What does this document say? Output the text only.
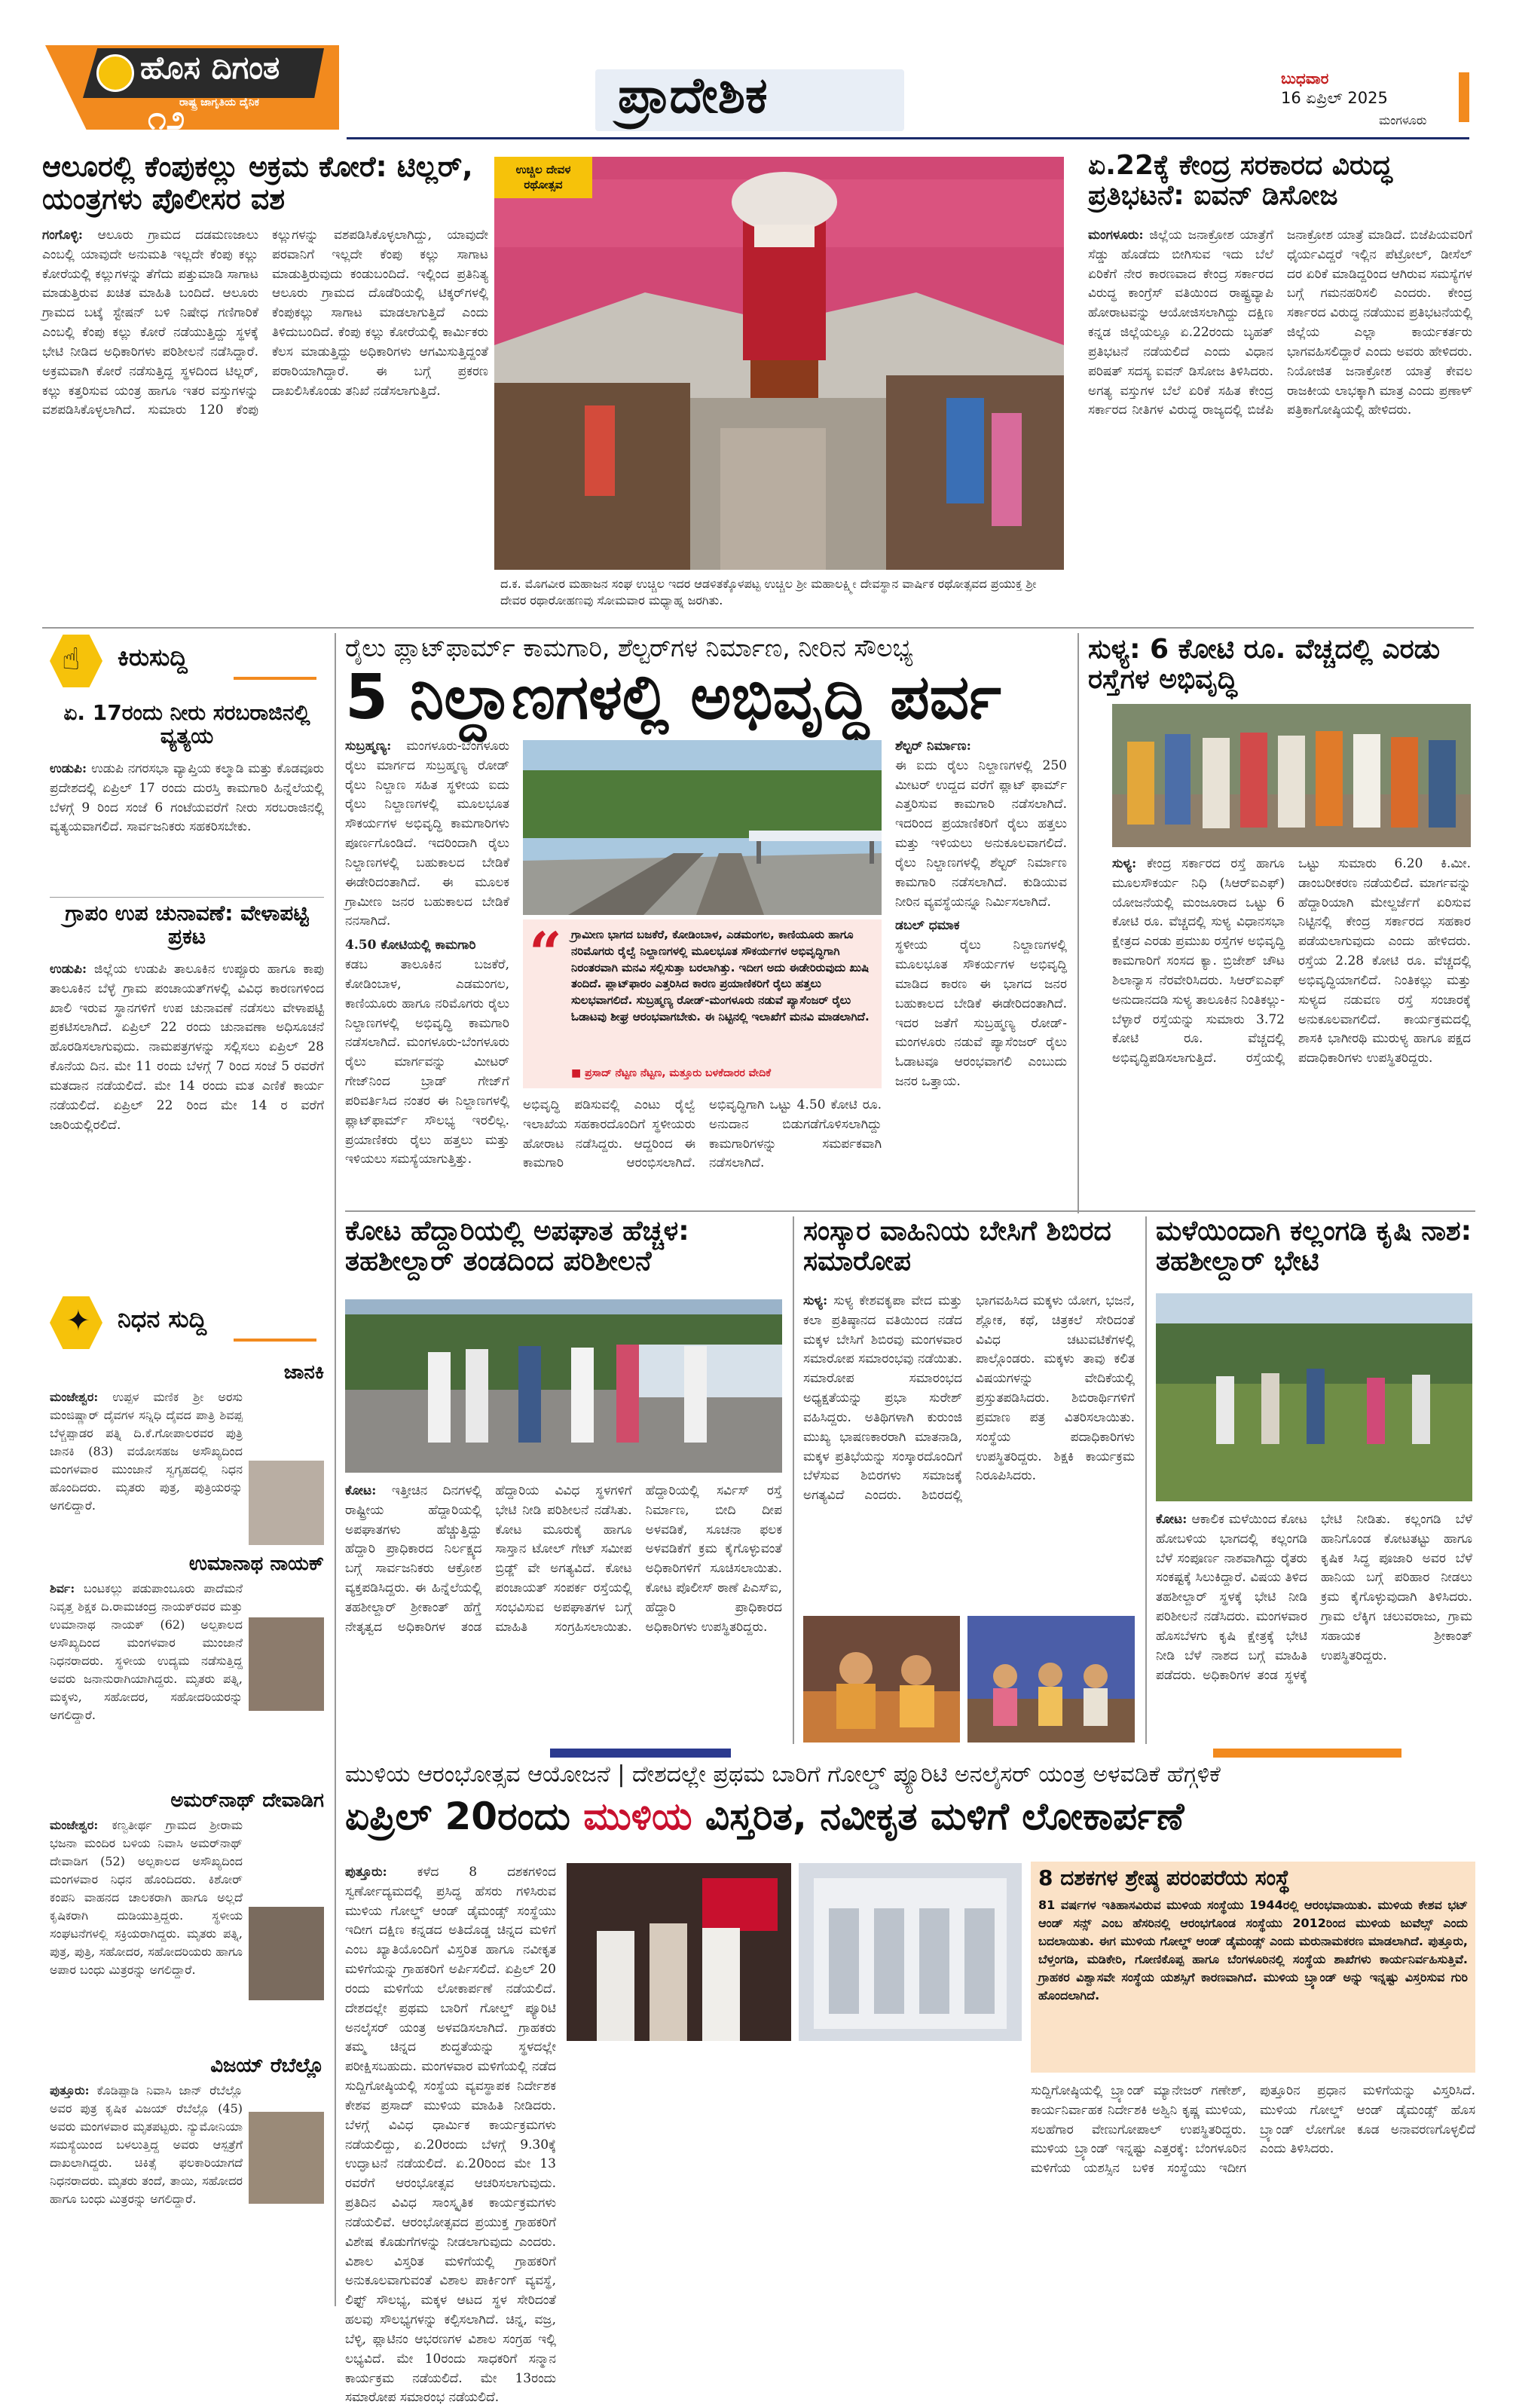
ಹೊಸ ದಿಗಂತ
ರಾಷ್ಟ್ರ ಜಾಗೃತಿಯ ದೈನಿಕ
೧೨	ಪ್ರಾದೇಶಿಕ	ಬುಧವಾರ
16 ಏಪ್ರಿಲ್ 2025
ಮಂಗಳೂರು
ಆಲೂರಲ್ಲಿ ಕೆಂಪುಕಲ್ಲು ಅಕ್ರಮ ಕೋರೆ: ಟಿಲ್ಲರ್, ಯಂತ್ರಗಳು ಪೊಲೀಸರ ವಶ
ಗಂಗೊಳ್ಳಿ: ಆಲೂರು ಗ್ರಾಮದ ದಡಮಣಜಾಲು ಎಂಬಲ್ಲಿ ಯಾವುದೇ ಅನುಮತಿ ಇಲ್ಲದೇ ಕೆಂಪು ಕಲ್ಲು ಕೋರೆಯಲ್ಲಿ ಕಲ್ಲುಗಳನ್ನು ತೆಗೆದು ಪತ್ತುಮಾಡಿ ಸಾಗಾಟ ಮಾಡುತ್ತಿರುವ ಖಚಿತ ಮಾಹಿತಿ ಬಂದಿದೆ. ಆಲೂರು ಗ್ರಾಮದ ಬಟ್ಕೆ ಸ್ಟೇಷನ್ ಬಳಿ ನಿಷೇಧ ಗಣಿಗಾರಿಕೆ ಎಂಬಲ್ಲಿ ಕೆಂಪು ಕಲ್ಲು ಕೋರೆ ನಡೆಯುತ್ತಿದ್ದು ಸ್ಥಳಕ್ಕೆ ಭೇಟಿ ನೀಡಿದ ಅಧಿಕಾರಿಗಳು ಪರಿಶೀಲನೆ ನಡೆಸಿದ್ದಾರೆ. ಅಕ್ರಮವಾಗಿ ಕೋರೆ ನಡೆಸುತ್ತಿದ್ದ ಸ್ಥಳದಿಂದ ಟಿಲ್ಲರ್, ಕಲ್ಲು ಕತ್ತರಿಸುವ ಯಂತ್ರ ಹಾಗೂ ಇತರ ವಸ್ತುಗಳನ್ನು ವಶಪಡಿಸಿಕೊಳ್ಳಲಾಗಿದೆ. ಸುಮಾರು 120 ಕೆಂಪು ಕಲ್ಲುಗಳನ್ನು ವಶಪಡಿಸಿಕೊಳ್ಳಲಾಗಿದ್ದು, ಯಾವುದೇ ಪರವಾನಿಗೆ ಇಲ್ಲದೇ ಕೆಂಪು ಕಲ್ಲು ಸಾಗಾಟ ಮಾಡುತ್ತಿರುವುದು ಕಂಡುಬಂದಿದೆ. ಇಲ್ಲಿಂದ ಪ್ರತಿನಿತ್ಯ ಆಲೂರು ಗ್ರಾಮದ ದೊಡೆರಿಯಲ್ಲಿ ಟಿಕ್ಕರ್‌ಗಳಲ್ಲಿ ಕೆಂಪುಕಲ್ಲು ಸಾಗಾಟ ಮಾಡಲಾಗುತ್ತಿದೆ ಎಂದು ತಿಳಿದುಬಂದಿದೆ. ಕೆಂಪು ಕಲ್ಲು ಕೋರೆಯಲ್ಲಿ ಕಾರ್ಮಿಕರು ಕೆಲಸ ಮಾಡುತ್ತಿದ್ದು ಅಧಿಕಾರಿಗಳು ಆಗಮಿಸುತ್ತಿದ್ದಂತೆ ಪರಾರಿಯಾಗಿದ್ದಾರೆ. ಈ ಬಗ್ಗೆ ಪ್ರಕರಣ ದಾಖಲಿಸಿಕೊಂಡು ತನಿಖೆ ನಡೆಸಲಾಗುತ್ತಿದೆ.
ಉಚ್ಚಿಲ ದೇವಳ ರಥೋತ್ಸವ
ದ.ಕ. ಮೊಗವೀರ ಮಹಾಜನ ಸಂಘ ಉಚ್ಚಿಲ ಇದರ ಆಡಳಿತಕ್ಕೊಳಪಟ್ಟ ಉಚ್ಚಿಲ ಶ್ರೀ ಮಹಾಲಕ್ಷ್ಮೀ ದೇವಸ್ಥಾನ ವಾರ್ಷಿಕ ರಥೋತ್ಸವದ ಪ್ರಯುಕ್ತ ಶ್ರೀ ದೇವರ ರಥಾರೋಹಣವು ಸೋಮವಾರ ಮಧ್ಯಾಹ್ನ ಜರಗಿತು.
ಏ.22ಕ್ಕೆ ಕೇಂದ್ರ ಸರಕಾರದ ವಿರುದ್ಧ ಪ್ರತಿಭಟನೆ: ಐವನ್ ಡಿಸೋಜ
ಮಂಗಳೂರು: ಜಿಲ್ಲೆಯ ಜನಾಕ್ರೋಶ ಯಾತ್ರೆಗೆ ಸೆಡ್ಡು ಹೊಡೆದು ಬೀಗಿಸುವ ಇದು ಬೆಲೆ ಏರಿಕೆಗೆ ನೇರ ಕಾರಣವಾದ ಕೇಂದ್ರ ಸರ್ಕಾರದ ವಿರುದ್ಧ ಕಾಂಗ್ರೆಸ್ ವತಿಯಿಂದ ರಾಷ್ಟ್ರವ್ಯಾಪಿ ಹೋರಾಟವನ್ನು ಆಯೋಜಿಸಲಾಗಿದ್ದು ದಕ್ಷಿಣ ಕನ್ನಡ ಜಿಲ್ಲೆಯಲ್ಲೂ ಏ.22ರಂದು ಬೃಹತ್ ಪ್ರತಿಭಟನೆ ನಡೆಯಲಿದೆ ಎಂದು ವಿಧಾನ ಪರಿಷತ್ ಸದಸ್ಯ ಐವನ್ ಡಿಸೋಜ ತಿಳಿಸಿದರು. ಅಗತ್ಯ ವಸ್ತುಗಳ ಬೆಲೆ ಏರಿಕೆ ಸಹಿತ ಕೇಂದ್ರ ಸರ್ಕಾರದ ನೀತಿಗಳ ವಿರುದ್ಧ ರಾಜ್ಯದಲ್ಲಿ ಬಿಜೆಪಿ ಜನಾಕ್ರೋಶ ಯಾತ್ರೆ ಮಾಡಿದೆ. ಬಿಜೆಪಿಯವರಿಗೆ ಧೈರ್ಯವಿದ್ದರೆ ಇಲ್ಲಿನ ಪೆಟ್ರೋಲ್, ಡೀಸೆಲ್ ದರ ಏರಿಕೆ ಮಾಡಿದ್ದರಿಂದ ಆಗಿರುವ ಸಮಸ್ಯೆಗಳ ಬಗ್ಗೆ ಗಮನಹರಿಸಲಿ ಎಂದರು. ಕೇಂದ್ರ ಸರ್ಕಾರದ ವಿರುದ್ಧ ನಡೆಯುವ ಪ್ರತಿಭಟನೆಯಲ್ಲಿ ಜಿಲ್ಲೆಯ ಎಲ್ಲಾ ಕಾರ್ಯಕರ್ತರು ಭಾಗವಹಿಸಲಿದ್ದಾರೆ ಎಂದು ಅವರು ಹೇಳಿದರು. ನಿಯೋಜಿತ ಜನಾಕ್ರೋಶ ಯಾತ್ರೆ ಕೇವಲ ರಾಜಕೀಯ ಲಾಭಕ್ಕಾಗಿ ಮಾತ್ರ ಎಂದು ಪ್ರಣಾಳ್ ಪತ್ರಿಕಾಗೋಷ್ಠಿಯಲ್ಲಿ ಹೇಳಿದರು.
☝ ಕಿರುಸುದ್ದಿ
ಏ. 17ರಂದು ನೀರು ಸರಬರಾಜಿನಲ್ಲಿ ವ್ಯತ್ಯಯ
ಉಡುಪಿ: ಉಡುಪಿ ನಗರಸಭಾ ವ್ಯಾಪ್ತಿಯ ಕಲ್ಮಾಡಿ ಮತ್ತು ಕೊಡವೂರು ಪ್ರದೇಶದಲ್ಲಿ ಏಪ್ರಿಲ್ 17 ರಂದು ದುರಸ್ತಿ ಕಾಮಗಾರಿ ಹಿನ್ನೆಲೆಯಲ್ಲಿ ಬೆಳಗ್ಗೆ 9 ರಿಂದ ಸಂಜೆ 6 ಗಂಟೆಯವರೆಗೆ ನೀರು ಸರಬರಾಜಿನಲ್ಲಿ ವ್ಯತ್ಯಯವಾಗಲಿದೆ. ಸಾರ್ವಜನಿಕರು ಸಹಕರಿಸಬೇಕು.
ಗ್ರಾಪಂ ಉಪ ಚುನಾವಣೆ: ವೇಳಾಪಟ್ಟಿ ಪ್ರಕಟ
ಉಡುಪಿ: ಜಿಲ್ಲೆಯ ಉಡುಪಿ ತಾಲೂಕಿನ ಉಪ್ಪೂರು ಹಾಗೂ ಕಾಪು ತಾಲೂಕಿನ ಬೆಳ್ಳೆ ಗ್ರಾಮ ಪಂಚಾಯತ್‌ಗಳಲ್ಲಿ ವಿವಿಧ ಕಾರಣಗಳಿಂದ ಖಾಲಿ ಇರುವ ಸ್ಥಾನಗಳಿಗೆ ಉಪ ಚುನಾವಣೆ ನಡೆಸಲು ವೇಳಾಪಟ್ಟಿ ಪ್ರಕಟಿಸಲಾಗಿದೆ. ಏಪ್ರಿಲ್ 22 ರಂದು ಚುನಾವಣಾ ಅಧಿಸೂಚನೆ ಹೊರಡಿಸಲಾಗುವುದು. ನಾಮಪತ್ರಗಳನ್ನು ಸಲ್ಲಿಸಲು ಏಪ್ರಿಲ್ 28 ಕೊನೆಯ ದಿನ. ಮೇ 11 ರಂದು ಬೆಳಗ್ಗೆ 7 ರಿಂದ ಸಂಜೆ 5 ರವರೆಗೆ ಮತದಾನ ನಡೆಯಲಿದೆ. ಮೇ 14 ರಂದು ಮತ ಎಣಿಕೆ ಕಾರ್ಯ ನಡೆಯಲಿದೆ. ಏಪ್ರಿಲ್ 22 ರಿಂದ ಮೇ 14 ರ ವರೆಗೆ ಜಾರಿಯಲ್ಲಿರಲಿದೆ.
✦ ನಿಧನ ಸುದ್ದಿ
ಜಾನಕಿ
ಮಂಜೇಶ್ವರ: ಉಪ್ಪಳ ಮಣಿಕ ಶ್ರೀ ಅರಸು ಮಂಜಿಷ್ಣಾರ್ ದೈವಗಳ ಸನ್ನಿಧಿ ದೈವದ ಪಾತ್ರಿ ಶಿವಪ್ಪ ಬೆಳ್ಚಪ್ಪಾಡರ ಪತ್ನಿ ದಿ.ಕೆ.ಗೋಪಾಲರವರ ಪುತ್ರಿ ಜಾನಕಿ (83) ವಯೋಸಹಜ ಅಸೌಖ್ಯದಿಂದ ಮಂಗಳವಾರ ಮುಂಜಾನೆ ಸ್ವಗೃಹದಲ್ಲಿ ನಿಧನ ಹೊಂದಿದರು. ಮೃತರು ಪುತ್ರ, ಪುತ್ರಿಯರನ್ನು ಅಗಲಿದ್ದಾರೆ.
ಉಮಾನಾಥ ನಾಯಕ್
ಶಿರ್ವ: ಬಂಟಕಲ್ಲು ಪಡುಪಾಂಬೂರು ಪಾದೆಮನೆ ನಿವೃತ್ತ ಶಿಕ್ಷಕ ದಿ.ರಾಮಚಂದ್ರ ನಾಯಕ್‌ರವರ ಮತ್ತು ಉಮಾನಾಥ ನಾಯಕ್ (62) ಅಲ್ಪಕಾಲದ ಅಸೌಖ್ಯದಿಂದ ಮಂಗಳವಾರ ಮುಂಜಾನೆ ನಿಧನರಾದರು. ಸ್ಥಳೀಯ ಉದ್ಯಮ ನಡೆಸುತ್ತಿದ್ದ ಅವರು ಜನಾನುರಾಗಿಯಾಗಿದ್ದರು. ಮೃತರು ಪತ್ನಿ, ಮಕ್ಕಳು, ಸಹೋದರ, ಸಹೋದರಿಯರನ್ನು ಅಗಲಿದ್ದಾರೆ.
ಅಮರ್‌ನಾಥ್ ದೇವಾಡಿಗ
ಮಂಜೇಶ್ವರ: ಕಣ್ವತೀರ್ಥ ಗ್ರಾಮದ ಶ್ರೀರಾಮ ಭಜನಾ ಮಂದಿರ ಬಳಿಯ ನಿವಾಸಿ ಅಮರ್‌ನಾಥ್ ದೇವಾಡಿಗ (52) ಅಲ್ಪಕಾಲದ ಅಸೌಖ್ಯದಿಂದ ಮಂಗಳವಾರ ನಿಧನ ಹೊಂದಿದರು. ಕಿಶೋರ್ ಕಂಪನಿ ವಾಹನದ ಚಾಲಕರಾಗಿ ಹಾಗೂ ಅಲ್ಲದೆ ಕೃಷಿಕರಾಗಿ ದುಡಿಯುತ್ತಿದ್ದರು. ಸ್ಥಳೀಯ ಸಂಘಟನೆಗಳಲ್ಲಿ ಸಕ್ರಿಯರಾಗಿದ್ದರು. ಮೃತರು ಪತ್ನಿ, ಪುತ್ರ, ಪುತ್ರಿ, ಸಹೋದರ, ಸಹೋದರಿಯರು ಹಾಗೂ ಅಪಾರ ಬಂಧು ಮಿತ್ರರನ್ನು ಅಗಲಿದ್ದಾರೆ.
ವಿಜಯ್ ರೆಬೆಲ್ಲೊ
ಪುತ್ತೂರು: ಕೊಡಿಪ್ಪಾಡಿ ನಿವಾಸಿ ಜಾನ್ ರೆಬೆಲ್ಲೊ ಅವರ ಪುತ್ರ ಕೃಷಿಕ ವಿಜಯ್ ರೆಬೆಲ್ಲೊ (45) ಅವರು ಮಂಗಳವಾರ ಮೃತಪಟ್ಟರು. ನ್ಯುಮೋನಿಯಾ ಸಮಸ್ಯೆಯಿಂದ ಬಳಲುತ್ತಿದ್ದ ಅವರು ಆಸ್ಪತ್ರೆಗೆ ದಾಖಲಾಗಿದ್ದರು. ಚಿಕಿತ್ಸೆ ಫಲಕಾರಿಯಾಗದೆ ನಿಧನರಾದರು. ಮೃತರು ತಂದೆ, ತಾಯಿ, ಸಹೋದರ ಹಾಗೂ ಬಂಧು ಮಿತ್ರರನ್ನು ಅಗಲಿದ್ದಾರೆ.
ರೈಲು ಪ್ಲಾಟ್‌ಫಾರ್ಮ್ ಕಾಮಗಾರಿ, ಶೆಲ್ಟರ್‌ಗಳ ನಿರ್ಮಾಣ, ನೀರಿನ ಸೌಲಭ್ಯ
5 ನಿಲ್ದಾಣಗಳಲ್ಲಿ ಅಭಿವೃದ್ಧಿ ಪರ್ವ
ಸುಬ್ರಹ್ಮಣ್ಯ: ಮಂಗಳೂರು-ಬೆಂಗಳೂರು ರೈಲು ಮಾರ್ಗದ ಸುಬ್ರಹ್ಮಣ್ಯ ರೋಡ್ ರೈಲು ನಿಲ್ದಾಣ ಸಹಿತ ಸ್ಥಳೀಯ ಐದು ರೈಲು ನಿಲ್ದಾಣಗಳಲ್ಲಿ ಮೂಲಭೂತ ಸೌಕರ್ಯಗಳ ಅಭಿವೃದ್ಧಿ ಕಾಮಗಾರಿಗಳು ಪೂರ್ಣಗೊಂಡಿದೆ. ಇದರಿಂದಾಗಿ ರೈಲು ನಿಲ್ದಾಣಗಳಲ್ಲಿ ಬಹುಕಾಲದ ಬೇಡಿಕೆ ಈಡೇರಿದಂತಾಗಿದೆ. ಈ ಮೂಲಕ ಗ್ರಾಮೀಣ ಜನರ ಬಹುಕಾಲದ ಬೇಡಿಕೆ ನನಸಾಗಿದೆ.
4.50 ಕೋಟಿಯಲ್ಲಿ ಕಾಮಗಾರಿ
ಕಡಬ ತಾಲೂಕಿನ ಬಜಕೆರೆ, ಕೋಡಿಂಬಾಳ, ಎಡಮಂಗಲ, ಕಾಣಿಯೂರು ಹಾಗೂ ನರಿಮೊಗರು ರೈಲು ನಿಲ್ದಾಣಗಳಲ್ಲಿ ಅಭಿವೃದ್ಧಿ ಕಾಮಗಾರಿ ನಡೆಸಲಾಗಿದೆ. ಮಂಗಳೂರು-ಬೆಂಗಳೂರು ರೈಲು ಮಾರ್ಗವನ್ನು ಮೀಟರ್ ಗೇಜ್‌ನಿಂದ ಬ್ರಾಡ್ ಗೇಜ್‌ಗೆ ಪರಿವರ್ತಿಸಿದ ನಂತರ ಈ ನಿಲ್ದಾಣಗಳಲ್ಲಿ ಪ್ಲಾಟ್‌ಫಾರ್ಮ್ ಸೌಲಭ್ಯ ಇರಲಿಲ್ಲ. ಪ್ರಯಾಣಿಕರು ರೈಲು ಹತ್ತಲು ಮತ್ತು ಇಳಿಯಲು ಸಮಸ್ಯೆಯಾಗುತ್ತಿತ್ತು.
“ ಗ್ರಾಮೀಣ ಭಾಗದ ಬಜಕೆರೆ, ಕೋಡಿಂಬಾಳ, ಎಡಮಂಗಲ, ಕಾಣಿಯೂರು ಹಾಗೂ ನರಿಮೊಗರು ರೈಲ್ವೆ ನಿಲ್ದಾಣಗಳಲ್ಲಿ ಮೂಲಭೂತ ಸೌಕರ್ಯಗಳ ಅಭಿವೃದ್ಧಿಗಾಗಿ ನಿರಂತರವಾಗಿ ಮನವಿ ಸಲ್ಲಿಸುತ್ತಾ ಬರಲಾಗಿತ್ತು. ಇದೀಗ ಅದು ಈಡೇರಿರುವುದು ಖುಷಿ ತಂದಿದೆ. ಪ್ಲಾಟ್‌ಫಾರಂ ಎತ್ತರಿಸಿದ ಕಾರಣ ಪ್ರಯಾಣಿಕರಿಗೆ ರೈಲು ಹತ್ತಲು ಸುಲಭವಾಗಲಿದೆ. ಸುಬ್ರಹ್ಮಣ್ಯ ರೋಡ್-ಮಂಗಳೂರು ನಡುವೆ ಪ್ಯಾಸೆಂಜರ್ ರೈಲು ಓಡಾಟವು ಶೀಘ್ರ ಆರಂಭವಾಗಬೇಕು. ಈ ನಿಟ್ಟಿನಲ್ಲಿ ಇಲಾಖೆಗೆ ಮನವಿ ಮಾಡಲಾಗಿದೆ.
■ ಪ್ರಸಾದ್ ನೆಟ್ಟಣ ನೆಟ್ಟಣ, ಮತ್ತೂರು ಬಳಕೆದಾರರ ವೇದಿಕೆ
ಅಭಿವೃದ್ಧಿ ಪಡಿಸುವಲ್ಲಿ ಎಂಟು ರೈಲ್ವೆ ಇಲಾಖೆಯ ಸಹಕಾರದೊಂದಿಗೆ ಸ್ಥಳೀಯರು ಹೋರಾಟ ನಡೆಸಿದ್ದರು. ಆದ್ದರಿಂದ ಈ ಕಾಮಗಾರಿ ಆರಂಭಿಸಲಾಗಿದೆ. ಅಭಿವೃದ್ಧಿಗಾಗಿ ಒಟ್ಟು 4.50 ಕೋಟಿ ರೂ. ಅನುದಾನ ಬಿಡುಗಡೆಗೊಳಿಸಲಾಗಿದ್ದು ಕಾಮಗಾರಿಗಳನ್ನು ಸಮರ್ಪಕವಾಗಿ ನಡೆಸಲಾಗಿದೆ.
ಶೆಲ್ಟರ್ ನಿರ್ಮಾಣ:
ಈ ಐದು ರೈಲು ನಿಲ್ದಾಣಗಳಲ್ಲಿ 250 ಮೀಟರ್ ಉದ್ದದ ವರೆಗೆ ಪ್ಲಾಟ್ ಫಾರ್ಮ್ ಎತ್ತರಿಸುವ ಕಾಮಗಾರಿ ನಡೆಸಲಾಗಿದೆ. ಇದರಿಂದ ಪ್ರಯಾಣಿಕರಿಗೆ ರೈಲು ಹತ್ತಲು ಮತ್ತು ಇಳಿಯಲು ಅನುಕೂಲವಾಗಲಿದೆ. ರೈಲು ನಿಲ್ದಾಣಗಳಲ್ಲಿ ಶೆಲ್ಟರ್ ನಿರ್ಮಾಣ ಕಾಮಗಾರಿ ನಡೆಸಲಾಗಿದೆ. ಕುಡಿಯುವ ನೀರಿನ ವ್ಯವಸ್ಥೆಯನ್ನೂ ನಿರ್ಮಿಸಲಾಗಿದೆ.
ಡಬಲ್ ಧಮಾಕ
ಸ್ಥಳೀಯ ರೈಲು ನಿಲ್ದಾಣಗಳಲ್ಲಿ ಮೂಲಭೂತ ಸೌಕರ್ಯಗಳ ಅಭಿವೃದ್ಧಿ ಮಾಡಿದ ಕಾರಣ ಈ ಭಾಗದ ಜನರ ಬಹುಕಾಲದ ಬೇಡಿಕೆ ಈಡೇರಿದಂತಾಗಿದೆ. ಇದರ ಜತೆಗೆ ಸುಬ್ರಹ್ಮಣ್ಯ ರೋಡ್-ಮಂಗಳೂರು ನಡುವೆ ಪ್ಯಾಸೆಂಜರ್ ರೈಲು ಓಡಾಟವೂ ಆರಂಭವಾಗಲಿ ಎಂಬುದು ಜನರ ಒತ್ತಾಯ.
ಸುಳ್ಯ: 6 ಕೋಟಿ ರೂ. ವೆಚ್ಚದಲ್ಲಿ ಎರಡು ರಸ್ತೆಗಳ ಅಭಿವೃದ್ಧಿ
ಸುಳ್ಯ: ಕೇಂದ್ರ ಸರ್ಕಾರದ ರಸ್ತೆ ಹಾಗೂ ಮೂಲಸೌಕರ್ಯ ನಿಧಿ (ಸಿಆರ್‌ಐಎಫ್) ಯೋಜನೆಯಲ್ಲಿ ಮಂಜೂರಾದ ಒಟ್ಟು 6 ಕೋಟಿ ರೂ. ವೆಚ್ಚದಲ್ಲಿ ಸುಳ್ಯ ವಿಧಾನಸಭಾ ಕ್ಷೇತ್ರದ ಎರಡು ಪ್ರಮುಖ ರಸ್ತೆಗಳ ಅಭಿವೃದ್ಧಿ ಕಾಮಗಾರಿಗೆ ಸಂಸದ ಕ್ಯಾ. ಬ್ರಿಜೇಶ್ ಚೌಟ ಶಿಲಾನ್ಯಾಸ ನೆರವೇರಿಸಿದರು. ಸಿಆರ್‌ಐಎಫ್ ಅನುದಾನದಡಿ ಸುಳ್ಯ ತಾಲೂಕಿನ ನಿಂತಿಕಲ್ಲು-ಬೆಳ್ಳಾರೆ ರಸ್ತೆಯನ್ನು ಸುಮಾರು 3.72 ಕೋಟಿ ರೂ. ವೆಚ್ಚದಲ್ಲಿ ಅಭಿವೃದ್ಧಿಪಡಿಸಲಾಗುತ್ತಿದೆ. ರಸ್ತೆಯಲ್ಲಿ ಒಟ್ಟು ಸುಮಾರು 6.20 ಕಿ.ಮೀ. ಡಾಂಬರೀಕರಣ ನಡೆಯಲಿದೆ. ಮಾರ್ಗವನ್ನು ಹೆದ್ದಾರಿಯಾಗಿ ಮೇಲ್ದರ್ಜೆಗೆ ಏರಿಸುವ ನಿಟ್ಟಿನಲ್ಲಿ ಕೇಂದ್ರ ಸರ್ಕಾರದ ಸಹಕಾರ ಪಡೆಯಲಾಗುವುದು ಎಂದು ಹೇಳಿದರು. ರಸ್ತೆಯ 2.28 ಕೋಟಿ ರೂ. ವೆಚ್ಚದಲ್ಲಿ ಅಭಿವೃದ್ಧಿಯಾಗಲಿದೆ. ನಿಂತಿಕಲ್ಲು ಮತ್ತು ಸುಳ್ಯದ ನಡುವಣ ರಸ್ತೆ ಸಂಚಾರಕ್ಕೆ ಅನುಕೂಲವಾಗಲಿದೆ. ಕಾರ್ಯಕ್ರಮದಲ್ಲಿ ಶಾಸಕಿ ಭಾಗೀರಥಿ ಮುರುಳ್ಯ ಹಾಗೂ ಪಕ್ಷದ ಪದಾಧಿಕಾರಿಗಳು ಉಪಸ್ಥಿತರಿದ್ದರು.
ಕೋಟ ಹೆದ್ದಾರಿಯಲ್ಲಿ ಅಪಘಾತ ಹೆಚ್ಚಳ: ತಹಶೀಲ್ದಾರ್ ತಂಡದಿಂದ ಪರಿಶೀಲನೆ
ಕೋಟ: ಇತ್ತೀಚಿನ ದಿನಗಳಲ್ಲಿ ರಾಷ್ಟ್ರೀಯ ಹೆದ್ದಾರಿಯಲ್ಲಿ ಅಪಘಾತಗಳು ಹೆಚ್ಚುತ್ತಿದ್ದು ಹೆದ್ದಾರಿ ಪ್ರಾಧಿಕಾರದ ನಿರ್ಲಕ್ಷ್ಯದ ಬಗ್ಗೆ ಸಾರ್ವಜನಿಕರು ಆಕ್ರೋಶ ವ್ಯಕ್ತಪಡಿಸಿದ್ದರು. ಈ ಹಿನ್ನೆಲೆಯಲ್ಲಿ ತಹಶೀಲ್ದಾರ್ ಶ್ರೀಕಾಂತ್ ಹೆಗ್ಡೆ ನೇತೃತ್ವದ ಅಧಿಕಾರಿಗಳ ತಂಡ ಹೆದ್ದಾರಿಯ ವಿವಿಧ ಸ್ಥಳಗಳಿಗೆ ಭೇಟಿ ನೀಡಿ ಪರಿಶೀಲನೆ ನಡೆಸಿತು. ಕೋಟ ಮೂರುಕೈ ಹಾಗೂ ಸಾಸ್ತಾನ ಟೋಲ್ ಗೇಟ್ ಸಮೀಪ ಬ್ರಿಡ್ಜ್ ವೇ ಅಗತ್ಯವಿದೆ. ಕೋಟ ಪಂಚಾಯತ್ ಸಂಪರ್ಕ ರಸ್ತೆಯಲ್ಲಿ ಸಂಭವಿಸುವ ಅಪಘಾತಗಳ ಬಗ್ಗೆ ಮಾಹಿತಿ ಸಂಗ್ರಹಿಸಲಾಯಿತು. ಹೆದ್ದಾರಿಯಲ್ಲಿ ಸರ್ವಿಸ್ ರಸ್ತೆ ನಿರ್ಮಾಣ, ಬೀದಿ ದೀಪ ಅಳವಡಿಕೆ, ಸೂಚನಾ ಫಲಕ ಅಳವಡಿಕೆಗೆ ಕ್ರಮ ಕೈಗೊಳ್ಳುವಂತೆ ಅಧಿಕಾರಿಗಳಿಗೆ ಸೂಚಿಸಲಾಯಿತು. ಕೋಟ ಪೊಲೀಸ್ ಠಾಣೆ ಪಿಎಸ್‌ಐ, ಹೆದ್ದಾರಿ ಪ್ರಾಧಿಕಾರದ ಅಧಿಕಾರಿಗಳು ಉಪಸ್ಥಿತರಿದ್ದರು.
ಸಂಸ್ಕಾರ ವಾಹಿನಿಯ ಬೇಸಿಗೆ ಶಿಬಿರದ ಸಮಾರೋಪ
ಸುಳ್ಯ: ಸುಳ್ಯ ಕೇಶವಕೃಪಾ ವೇದ ಮತ್ತು ಕಲಾ ಪ್ರತಿಷ್ಠಾನದ ವತಿಯಿಂದ ನಡೆದ ಮಕ್ಕಳ ಬೇಸಿಗೆ ಶಿಬಿರವು ಮಂಗಳವಾರ ಸಮಾರೋಪ ಸಮಾರಂಭವು ನಡೆಯಿತು. ಸಮಾರೋಪ ಸಮಾರಂಭದ ಅಧ್ಯಕ್ಷತೆಯನ್ನು ಪ್ರಭಾ ಸುರೇಶ್ ವಹಿಸಿದ್ದರು. ಅತಿಥಿಗಳಾಗಿ ಕುರುಂಜಿ ಮುಖ್ಯ ಭಾಷಣಕಾರರಾಗಿ ಮಾತನಾಡಿ, ಮಕ್ಕಳ ಪ್ರತಿಭೆಯನ್ನು ಸಂಸ್ಕಾರದೊಂದಿಗೆ ಬೆಳೆಸುವ ಶಿಬಿರಗಳು ಸಮಾಜಕ್ಕೆ ಅಗತ್ಯವಿದೆ ಎಂದರು. ಶಿಬಿರದಲ್ಲಿ ಭಾಗವಹಿಸಿದ ಮಕ್ಕಳು ಯೋಗ, ಭಜನೆ, ಶ್ಲೋಕ, ಕಥೆ, ಚಿತ್ರಕಲೆ ಸೇರಿದಂತೆ ವಿವಿಧ ಚಟುವಟಿಕೆಗಳಲ್ಲಿ ಪಾಲ್ಗೊಂಡರು. ಮಕ್ಕಳು ತಾವು ಕಲಿತ ವಿಷಯಗಳನ್ನು ವೇದಿಕೆಯಲ್ಲಿ ಪ್ರಸ್ತುತಪಡಿಸಿದರು. ಶಿಬಿರಾರ್ಥಿಗಳಿಗೆ ಪ್ರಮಾಣ ಪತ್ರ ವಿತರಿಸಲಾಯಿತು. ಸಂಸ್ಥೆಯ ಪದಾಧಿಕಾರಿಗಳು ಉಪಸ್ಥಿತರಿದ್ದರು. ಶಿಕ್ಷಕಿ ಕಾರ್ಯಕ್ರಮ ನಿರೂಪಿಸಿದರು.
ಮಳೆಯಿಂದಾಗಿ ಕಲ್ಲಂಗಡಿ ಕೃಷಿ ನಾಶ: ತಹಶೀಲ್ದಾರ್ ಭೇಟಿ
ಕೋಟ: ಆಕಾಲಿಕ ಮಳೆಯಿಂದ ಕೋಟ ಹೋಬಳಿಯ ಭಾಗದಲ್ಲಿ ಕಲ್ಲಂಗಡಿ ಬೆಳೆ ಸಂಪೂರ್ಣ ನಾಶವಾಗಿದ್ದು ರೈತರು ಸಂಕಷ್ಟಕ್ಕೆ ಸಿಲುಕಿದ್ದಾರೆ. ವಿಷಯ ತಿಳಿದ ತಹಶೀಲ್ದಾರ್ ಸ್ಥಳಕ್ಕೆ ಭೇಟಿ ನೀಡಿ ಪರಿಶೀಲನೆ ನಡೆಸಿದರು. ಮಂಗಳವಾರ ಹೊಸಬೆಳಗು ಕೃಷಿ ಕ್ಷೇತ್ರಕ್ಕೆ ಭೇಟಿ ನೀಡಿ ಬೆಳೆ ನಾಶದ ಬಗ್ಗೆ ಮಾಹಿತಿ ಪಡೆದರು. ಅಧಿಕಾರಿಗಳ ತಂಡ ಸ್ಥಳಕ್ಕೆ ಭೇಟಿ ನೀಡಿತು. ಕಲ್ಲಂಗಡಿ ಬೆಳೆ ಹಾನಿಗೊಂಡ ಕೋಟತಟ್ಟು ಹಾಗೂ ಕೃಷಿಕ ಸಿದ್ಧ ಪೂಜಾರಿ ಅವರ ಬೆಳೆ ಹಾನಿಯ ಬಗ್ಗೆ ಪರಿಹಾರ ನೀಡಲು ಕ್ರಮ ಕೈಗೊಳ್ಳುವುದಾಗಿ ತಿಳಿಸಿದರು. ಗ್ರಾಮ ಲೆಕ್ಕಿಗ ಚಲುವರಾಜು, ಗ್ರಾಮ ಸಹಾಯಕ ಶ್ರೀಕಾಂತ್ ಉಪಸ್ಥಿತರಿದ್ದರು.
ಮುಳಿಯ ಆರಂಭೋತ್ಸವ ಆಯೋಜನೆ | ದೇಶದಲ್ಲೇ ಪ್ರಥಮ ಬಾರಿಗೆ ಗೋಲ್ಡ್ ಪ್ಯೂರಿಟಿ ಅನಲೈಸರ್ ಯಂತ್ರ ಅಳವಡಿಕೆ ಹೆಗ್ಗಳಿಕೆ
ಏಪ್ರಿಲ್ 20ರಂದು ಮುಳಿಯ ವಿಸ್ತರಿತ, ನವೀಕೃತ ಮಳಿಗೆ ಲೋಕಾರ್ಪಣೆ
ಪುತ್ತೂರು: ಕಳೆದ 8 ದಶಕಗಳಿಂದ ಸ್ವರ್ಣೋದ್ಯಮದಲ್ಲಿ ಪ್ರಸಿದ್ಧ ಹೆಸರು ಗಳಿಸಿರುವ ಮುಳಿಯ ಗೋಲ್ಡ್ ಆಂಡ್ ಡೈಮಂಡ್ಸ್ ಸಂಸ್ಥೆಯು ಇದೀಗ ದಕ್ಷಿಣ ಕನ್ನಡದ ಅತಿದೊಡ್ಡ ಚಿನ್ನದ ಮಳಿಗೆ ಎಂಬ ಖ್ಯಾತಿಯೊಂದಿಗೆ ವಿಸ್ತರಿತ ಹಾಗೂ ನವೀಕೃತ ಮಳಿಗೆಯನ್ನು ಗ್ರಾಹಕರಿಗೆ ಅರ್ಪಿಸಲಿದೆ. ಏಪ್ರಿಲ್ 20 ರಂದು ಮಳಿಗೆಯ ಲೋಕಾರ್ಪಣೆ ನಡೆಯಲಿದೆ. ದೇಶದಲ್ಲೇ ಪ್ರಥಮ ಬಾರಿಗೆ ಗೋಲ್ಡ್ ಪ್ಯೂರಿಟಿ ಅನಲೈಸರ್ ಯಂತ್ರ ಅಳವಡಿಸಲಾಗಿದೆ. ಗ್ರಾಹಕರು ತಮ್ಮ ಚಿನ್ನದ ಶುದ್ಧತೆಯನ್ನು ಸ್ಥಳದಲ್ಲೇ ಪರೀಕ್ಷಿಸಬಹುದು. ಮಂಗಳವಾರ ಮಳಿಗೆಯಲ್ಲಿ ನಡೆದ ಸುದ್ದಿಗೋಷ್ಠಿಯಲ್ಲಿ ಸಂಸ್ಥೆಯ ವ್ಯವಸ್ಥಾಪಕ ನಿರ್ದೇಶಕ ಕೇಶವ ಪ್ರಸಾದ್ ಮುಳಿಯ ಮಾಹಿತಿ ನೀಡಿದರು. ಬೆಳಗ್ಗೆ ವಿವಿಧ ಧಾರ್ಮಿಕ ಕಾರ್ಯಕ್ರಮಗಳು ನಡೆಯಲಿದ್ದು, ಏ.20ರಂದು ಬೆಳಗ್ಗೆ 9.30ಕ್ಕೆ ಉದ್ಘಾಟನೆ ನಡೆಯಲಿದೆ. ಏ.20ರಿಂದ ಮೇ 13 ರವರೆಗೆ ಆರಂಭೋತ್ಸವ ಆಚರಿಸಲಾಗುವುದು. ಪ್ರತಿದಿನ ವಿವಿಧ ಸಾಂಸ್ಕೃತಿಕ ಕಾರ್ಯಕ್ರಮಗಳು ನಡೆಯಲಿವೆ. ಆರಂಭೋತ್ಸವದ ಪ್ರಯುಕ್ತ ಗ್ರಾಹಕರಿಗೆ ವಿಶೇಷ ಕೊಡುಗೆಗಳನ್ನು ನೀಡಲಾಗುವುದು ಎಂದರು. ವಿಶಾಲ ವಿಸ್ತರಿತ ಮಳಿಗೆಯಲ್ಲಿ ಗ್ರಾಹಕರಿಗೆ ಅನುಕೂಲವಾಗುವಂತೆ ವಿಶಾಲ ಪಾರ್ಕಿಂಗ್ ವ್ಯವಸ್ಥೆ, ಲಿಫ್ಟ್ ಸೌಲಭ್ಯ, ಮಕ್ಕಳ ಆಟದ ಸ್ಥಳ ಸೇರಿದಂತೆ ಹಲವು ಸೌಲಭ್ಯಗಳನ್ನು ಕಲ್ಪಿಸಲಾಗಿದೆ. ಚಿನ್ನ, ವಜ್ರ, ಬೆಳ್ಳಿ, ಪ್ಲಾಟಿನಂ ಆಭರಣಗಳ ವಿಶಾಲ ಸಂಗ್ರಹ ಇಲ್ಲಿ ಲಭ್ಯವಿದೆ. ಮೇ 10ರಂದು ಸಾಧಕರಿಗೆ ಸನ್ಮಾನ ಕಾರ್ಯಕ್ರಮ ನಡೆಯಲಿದೆ. ಮೇ 13ರಂದು ಸಮಾರೋಪ ಸಮಾರಂಭ ನಡೆಯಲಿದೆ.
8 ದಶಕಗಳ ಶ್ರೇಷ್ಠ ಪರಂಪರೆಯ ಸಂಸ್ಥೆ
81 ವರ್ಷಗಳ ಇತಿಹಾಸವಿರುವ ಮುಳಿಯ ಸಂಸ್ಥೆಯು 1944ರಲ್ಲಿ ಆರಂಭವಾಯಿತು. ಮುಳಿಯ ಕೇಶವ ಭಟ್ ಆಂಡ್ ಸನ್ಸ್ ಎಂಬ ಹೆಸರಿನಲ್ಲಿ ಆರಂಭಗೊಂಡ ಸಂಸ್ಥೆಯು 2012ರಿಂದ ಮುಳಿಯ ಜುವೆಲ್ಸ್ ಎಂದು ಬದಲಾಯಿತು. ಈಗ ಮುಳಿಯ ಗೋಲ್ಡ್ ಆಂಡ್ ಡೈಮಂಡ್ಸ್ ಎಂದು ಮರುನಾಮಕರಣ ಮಾಡಲಾಗಿದೆ. ಪುತ್ತೂರು, ಬೆಳ್ತಂಗಡಿ, ಮಡಿಕೇರಿ, ಗೋಣಿಕೊಪ್ಪ ಹಾಗೂ ಬೆಂಗಳೂರಿನಲ್ಲಿ ಸಂಸ್ಥೆಯ ಶಾಖೆಗಳು ಕಾರ್ಯನಿರ್ವಹಿಸುತ್ತಿವೆ. ಗ್ರಾಹಕರ ವಿಶ್ವಾಸವೇ ಸಂಸ್ಥೆಯ ಯಶಸ್ಸಿಗೆ ಕಾರಣವಾಗಿದೆ. ಮುಳಿಯ ಬ್ರ್ಯಾಂಡ್ ಅನ್ನು ಇನ್ನಷ್ಟು ವಿಸ್ತರಿಸುವ ಗುರಿ ಹೊಂದಲಾಗಿದೆ.
ಸುದ್ದಿಗೋಷ್ಠಿಯಲ್ಲಿ ಬ್ರ್ಯಾಂಡ್ ಮ್ಯಾನೇಜರ್ ಗಣೇಶ್, ಕಾರ್ಯನಿರ್ವಾಹಕ ನಿರ್ದೇಶಕಿ ಅಶ್ವಿನಿ ಕೃಷ್ಣ ಮುಳಿಯ, ಸಲಹೆಗಾರ ವೇಣುಗೋಪಾಲ್ ಉಪಸ್ಥಿತರಿದ್ದರು. ಮುಳಿಯ ಬ್ರ್ಯಾಂಡ್ ಇನ್ನಷ್ಟು ಎತ್ತರಕ್ಕೆ: ಬೆಂಗಳೂರಿನ ಮಳಿಗೆಯ ಯಶಸ್ಸಿನ ಬಳಿಕ ಸಂಸ್ಥೆಯು ಇದೀಗ ಪುತ್ತೂರಿನ ಪ್ರಧಾನ ಮಳಿಗೆಯನ್ನು ವಿಸ್ತರಿಸಿದೆ. ಮುಳಿಯ ಗೋಲ್ಡ್ ಆಂಡ್ ಡೈಮಂಡ್ಸ್ ಹೊಸ ಬ್ರ್ಯಾಂಡ್ ಲೋಗೋ ಕೂಡ ಅನಾವರಣಗೊಳ್ಳಲಿದೆ ಎಂದು ತಿಳಿಸಿದರು.
